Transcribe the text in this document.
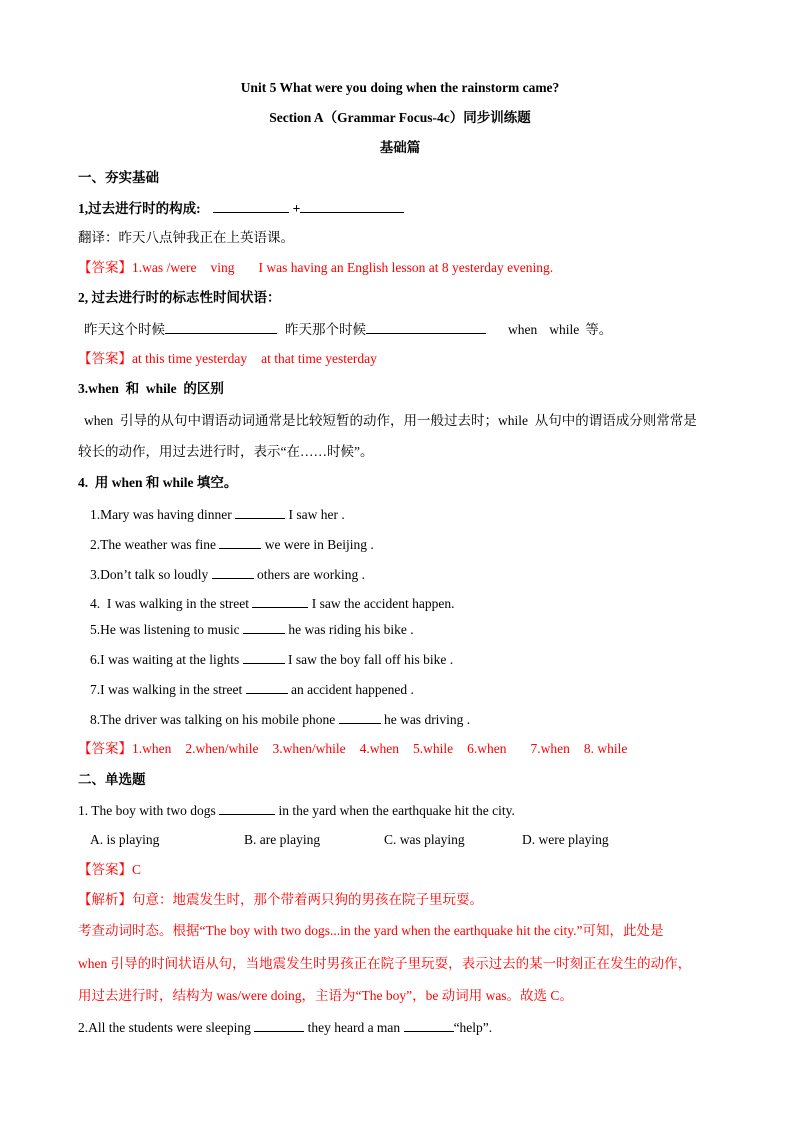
Unit 5 What were you doing when the rainstorm came?
Section A（Grammar Focus-4c）同步训练题
基础篇
一、夯实基础
1,过去进行时的构成:	+
翻译：昨天八点钟我正在上英语课。
【答案】1.was /were ving I was having an English lesson at 8 yesterday evening.
2, 过去进行时的标志性时间状语：
昨天这个时候	昨天那个时候	when while 等。
【答案】at this time yesterday at that time yesterday
3.when  和  while  的区别
when  引导的从句中谓语动词通常是比较短暂的动作，用一般过去时；while  从句中的谓语成分则常常是
较长的动作，用过去进行时，表示“在……时候”。
4.  用 when 和 while 填空。
1.Mary was having dinner	I saw her .
2.The weather was fine	we were in Beijing .
3.Don’t talk so loudly	others are working .
4.  I was walking in the street	I saw the accident happen.
5.He was listening to music	he was riding his bike .
6.I was waiting at the lights	I saw the boy fall off his bike .
7.I was walking in the street	an accident happened .
8.The driver was talking on his mobile phone	he was driving .
【答案】1.when 2.when/while 3.when/while 4.when 5.while 6.when 7.when 8. while
二、单选题
1. The boy with two dogs	in the yard when the earthquake hit the city.
A. is playing	B. are playing	C. was playing	D. were playing
【答案】C
【解析】句意：地震发生时，那个带着两只狗的男孩在院子里玩耍。
考查动词时态。根据“The boy with two dogs...in the yard when the earthquake hit the city.”可知，此处是
when 引导的时间状语从句，当地震发生时男孩正在院子里玩耍，表示过去的某一时刻正在发生的动作，
用过去进行时，结构为 was/were doing，主语为“The boy”，be 动词用 was。故选 C。
2.All the students were sleeping	they heard a man	“help”.
